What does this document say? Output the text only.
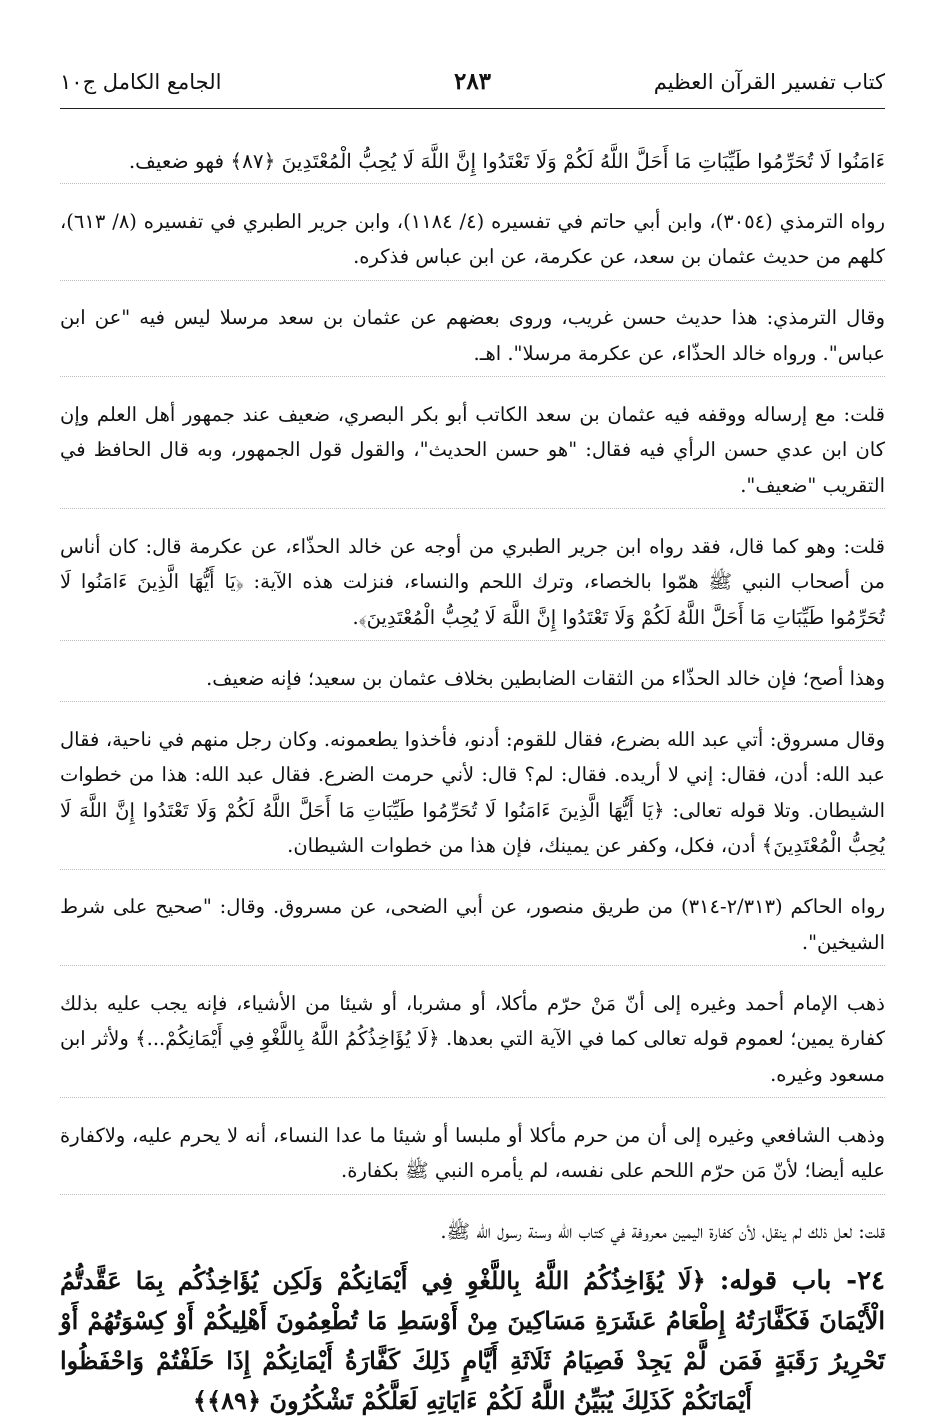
كتاب تفسير القرآن العظيم
٢٨٣
الجامع الكامل ج١٠

ءَامَنُوا لَا تُحَرِّمُوا طَيِّبَاتِ مَا أَحَلَّ اللَّهُ لَكُمْ وَلَا تَعْتَدُوا إِنَّ اللَّهَ لَا يُحِبُّ الْمُعْتَدِينَ ﴿٨٧﴾ فهو ضعيف.

رواه الترمذي (٣٠٥٤)، وابن أبي حاتم في تفسيره (٤/ ١١٨٤)، وابن جرير الطبري في تفسيره (٨/ ٦١٣)، كلهم من حديث عثمان بن سعد، عن عكرمة، عن ابن عباس فذكره.

وقال الترمذي: هذا حديث حسن غريب، وروى بعضهم عن عثمان بن سعد مرسلا ليس فيه "عن ابن عباس". ورواه خالد الحذّاء، عن عكرمة مرسلا". اهـ.

قلت: مع إرساله ووقفه فيه عثمان بن سعد الكاتب أبو بكر البصري، ضعيف عند جمهور أهل العلم وإن كان ابن عدي حسن الرأي فيه فقال: "هو حسن الحديث"، والقول قول الجمهور، وبه قال الحافظ في التقريب "ضعيف".

قلت: وهو كما قال، فقد رواه ابن جرير الطبري من أوجه عن خالد الحذّاء، عن عكرمة قال: كان أناس من أصحاب النبي ﷺ همّوا بالخصاء، وترك اللحم والنساء، فنزلت هذه الآية: ﴿يَا أَيُّهَا الَّذِينَ ءَامَنُوا لَا تُحَرِّمُوا طَيِّبَاتِ مَا أَحَلَّ اللَّهُ لَكُمْ وَلَا تَعْتَدُوا إِنَّ اللَّهَ لَا يُحِبُّ الْمُعْتَدِينَ﴾.

وهذا أصح؛ فإن خالد الحذّاء من الثقات الضابطين بخلاف عثمان بن سعيد؛ فإنه ضعيف.

وقال مسروق: أتي عبد الله بضرع، فقال للقوم: أدنو، فأخذوا يطعمونه. وكان رجل منهم في ناحية، فقال عبد الله: أدن، فقال: إني لا أريده. فقال: لم؟ قال: لأني حرمت الضرع. فقال عبد الله: هذا من خطوات الشيطان. وتلا قوله تعالى: ﴿يَا أَيُّهَا الَّذِينَ ءَامَنُوا لَا تُحَرِّمُوا طَيِّبَاتِ مَا أَحَلَّ اللَّهُ لَكُمْ وَلَا تَعْتَدُوا إِنَّ اللَّهَ لَا يُحِبُّ الْمُعْتَدِينَ﴾ أدن، فكل، وكفر عن يمينك، فإن هذا من خطوات الشيطان.

رواه الحاكم (٢/٣١٣-٣١٤) من طريق منصور، عن أبي الضحى، عن مسروق. وقال: "صحيح على شرط الشيخين".

ذهب الإمام أحمد وغيره إلى أنّ مَنْ حرّم مأكلا، أو مشربا، أو شيئا من الأشياء، فإنه يجب عليه بذلك كفارة يمين؛ لعموم قوله تعالى كما في الآية التي بعدها. ﴿لَا يُؤَاخِذُكُمُ اللَّهُ بِاللَّغْوِ فِي أَيْمَانِكُمْ...﴾ ولأثر ابن مسعود وغيره.

وذهب الشافعي وغيره إلى أن من حرم مأكلا أو ملبسا أو شيئا ما عدا النساء، أنه لا يحرم عليه، ولاكفارة عليه أيضا؛ لأنّ مَن حرّم اللحم على نفسه، لم يأمره النبي ﷺ بكفارة.

قلت: لعل ذلك لم ينقل، لأن كفارة اليمين معروفة في كتاب الله وسنة رسول الله ﷺ.

٢٤- باب قوله: ﴿لَا يُؤَاخِذُكُمُ اللَّهُ بِاللَّغْوِ فِي أَيْمَانِكُمْ وَلَكِن يُؤَاخِذُكُم بِمَا عَقَّدتُّمُ الْأَيْمَانَ فَكَفَّارَتُهُ إِطْعَامُ عَشَرَةِ مَسَاكِينَ مِنْ أَوْسَطِ مَا تُطْعِمُونَ أَهْلِيكُمْ أَوْ كِسْوَتُهُمْ أَوْ تَحْرِيرُ رَقَبَةٍ فَمَن لَّمْ يَجِدْ فَصِيَامُ ثَلَاثَةِ أَيَّامٍ ذَلِكَ كَفَّارَةُ أَيْمَانِكُمْ إِذَا حَلَفْتُمْ وَاحْفَظُوا أَيْمَانَكُمْ كَذَلِكَ يُبَيِّنُ اللَّهُ لَكُمْ ءَايَاتِهِ لَعَلَّكُمْ تَشْكُرُونَ ﴿٨٩﴾﴾
